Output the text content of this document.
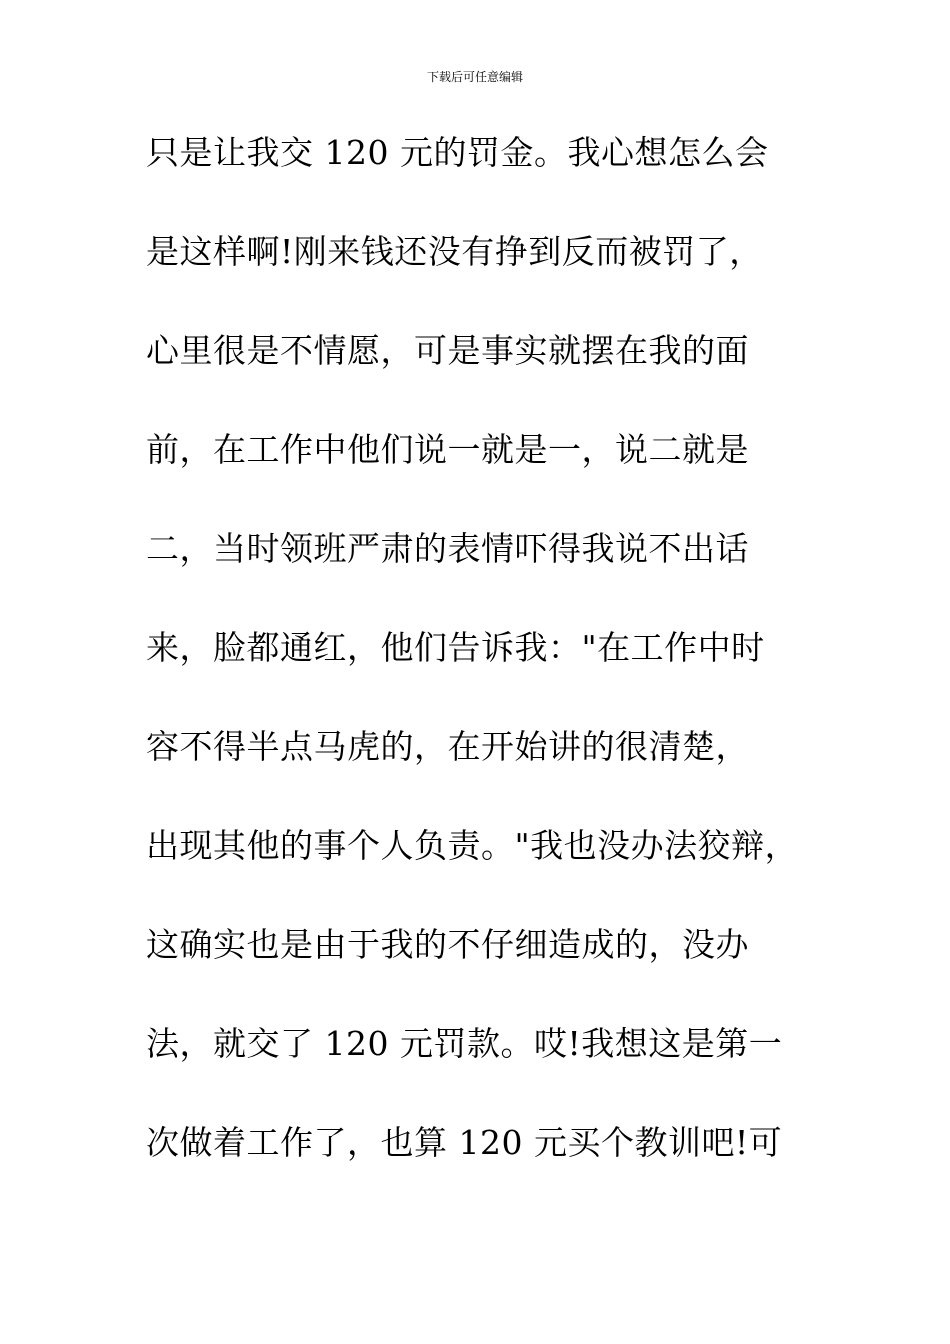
下载后可任意编辑
只是让我交 120 元的罚金。我心想怎么会
是这样啊!刚来钱还没有挣到反而被罚了，
心里很是不情愿，可是事实就摆在我的面
前，在工作中他们说一就是一，说二就是
二，当时领班严肃的表情吓得我说不出话
来，脸都通红，他们告诉我："在工作中时
容不得半点马虎的，在开始讲的很清楚，
出现其他的事个人负责。"我也没办法狡辩，
这确实也是由于我的不仔细造成的，没办
法，就交了 120 元罚款。哎!我想这是第一
次做着工作了，也算 120 元买个教训吧!可
